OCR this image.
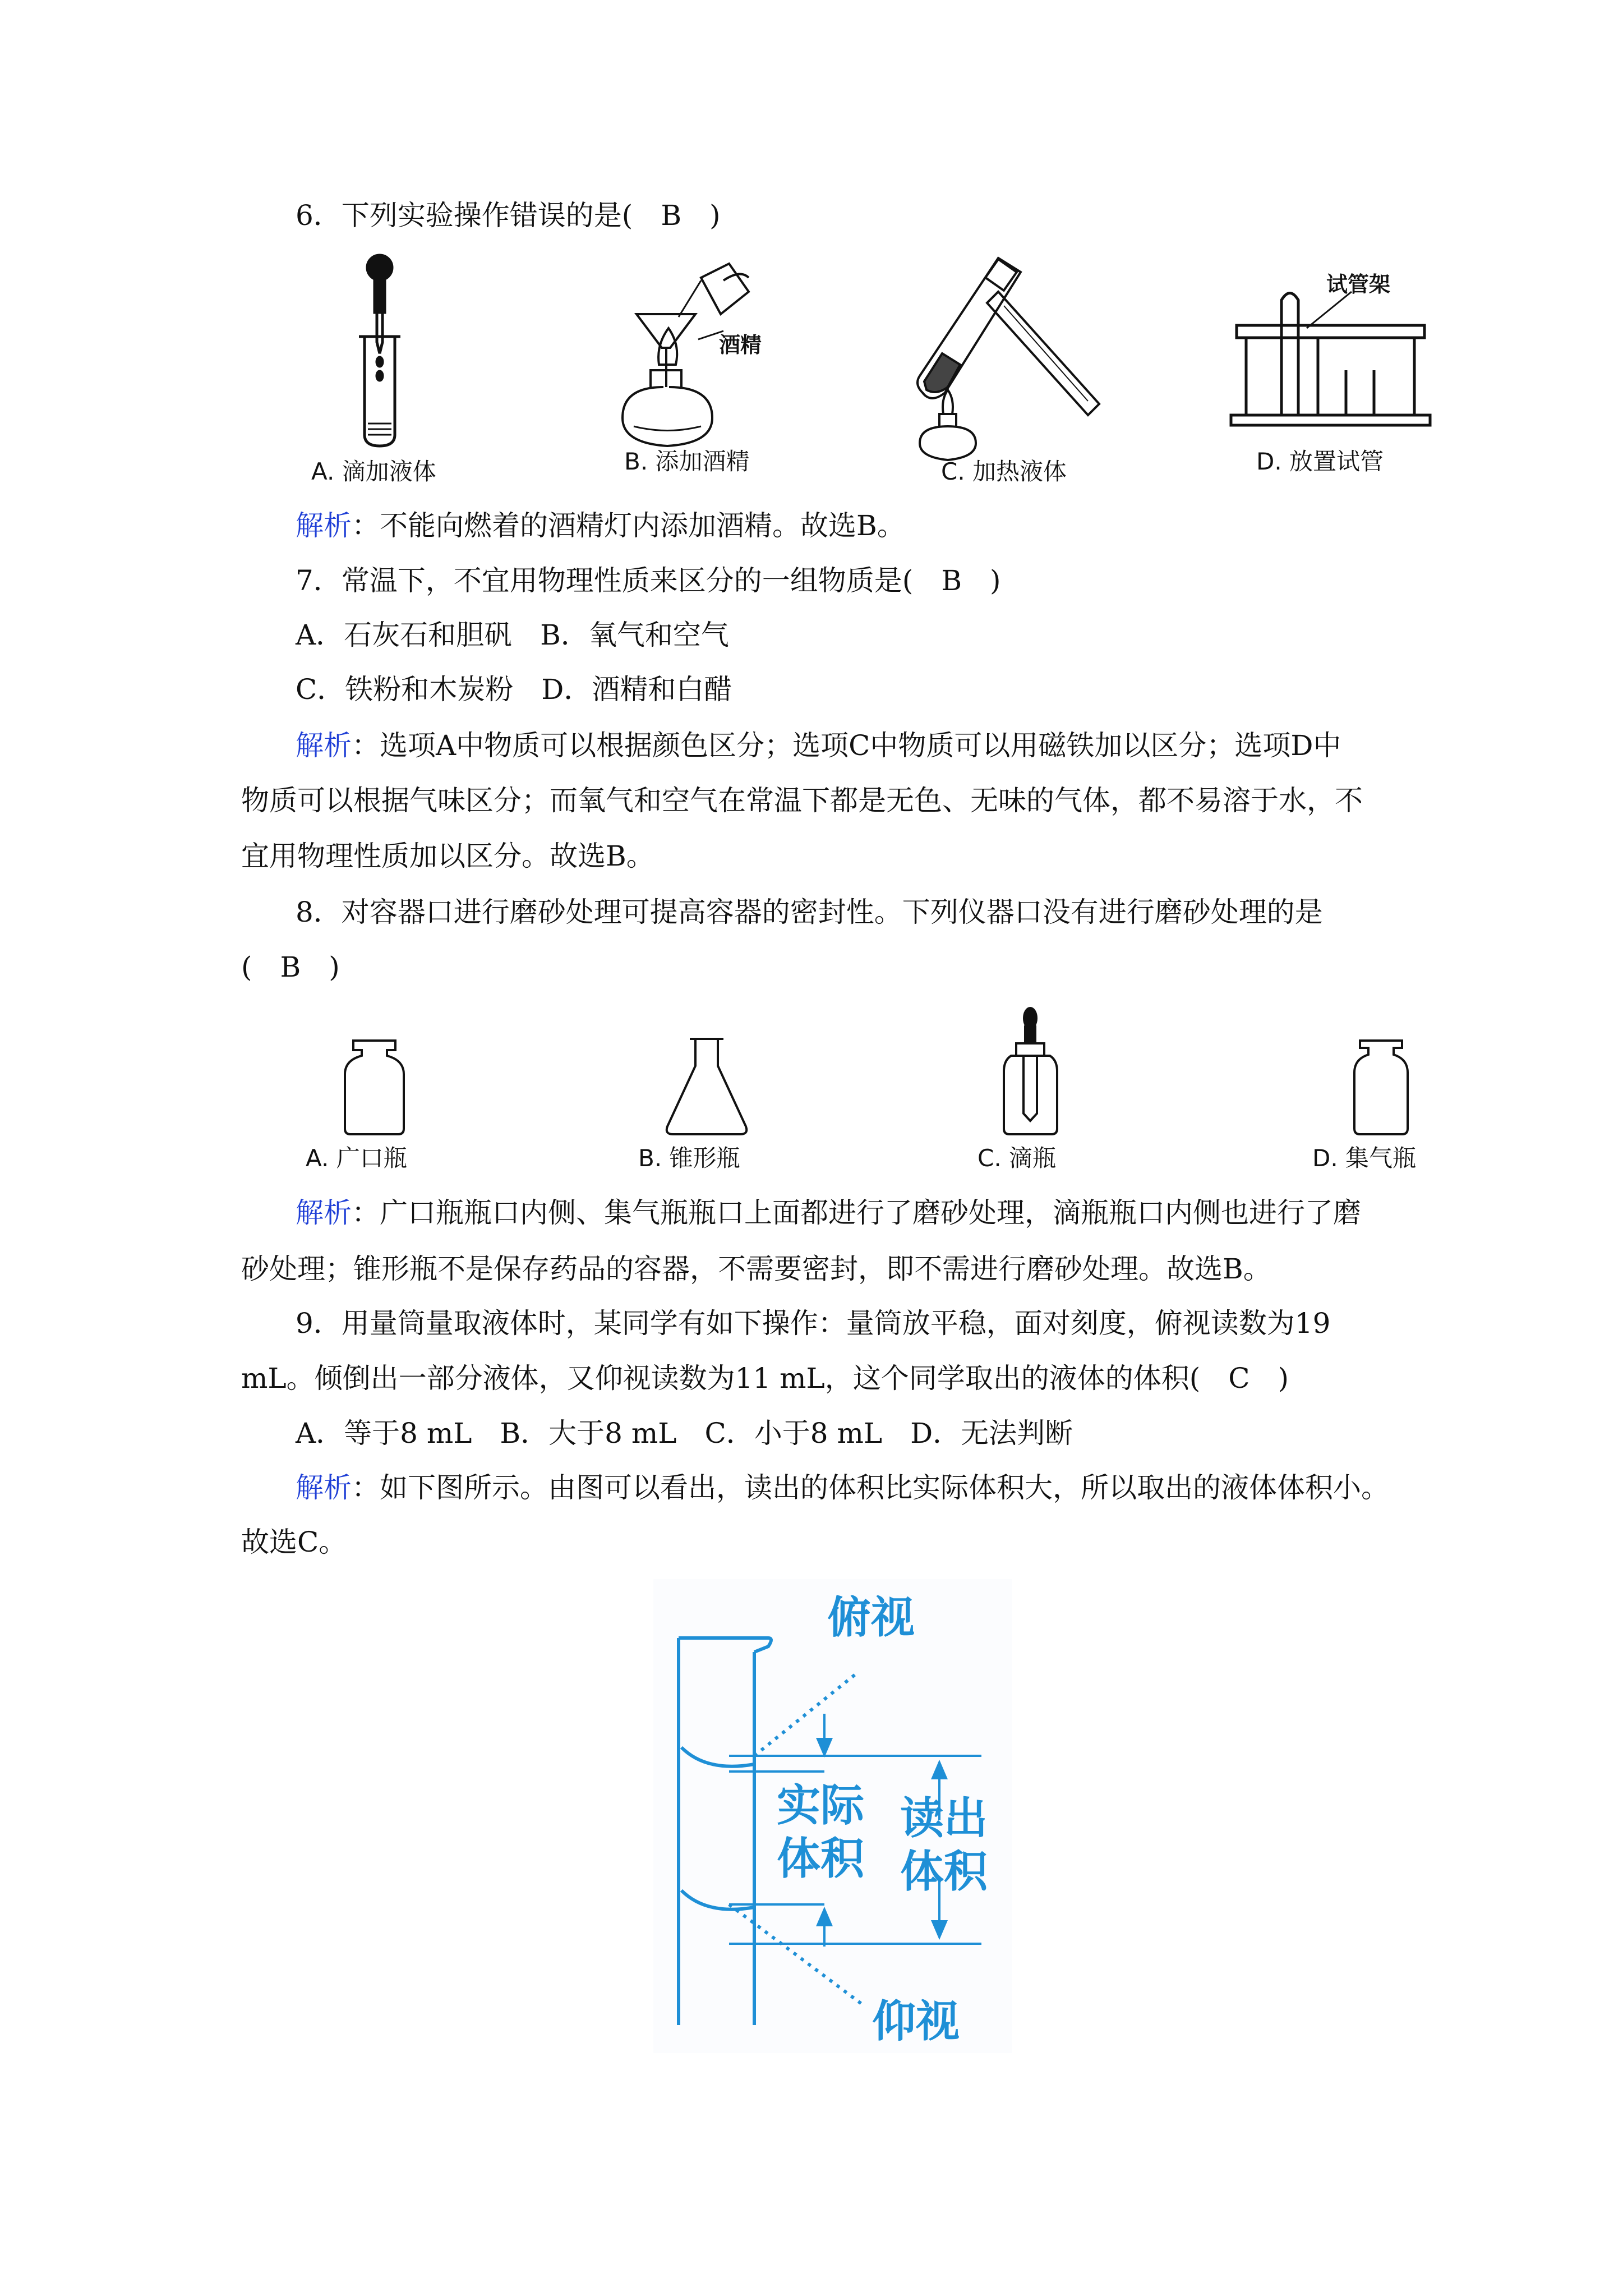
6．下列实验操作错误的是(　B　)
酒精
试管架
A. 滴加液体	B. 添加酒精	C. 加热液体	D. 放置试管
解析：不能向燃着的酒精灯内添加酒精。故选B。
7．常温下，不宜用物理性质来区分的一组物质是(　B　)
A．石灰石和胆矾　B．氧气和空气
C．铁粉和木炭粉　D．酒精和白醋
解析：选项A中物质可以根据颜色区分；选项C中物质可以用磁铁加以区分；选项D中
物质可以根据气味区分；而氧气和空气在常温下都是无色、无味的气体，都不易溶于水，不
宜用物理性质加以区分。故选B。
8．对容器口进行磨砂处理可提高容器的密封性。下列仪器口没有进行磨砂处理的是
(　B　)
A. 广口瓶	B. 锥形瓶	C. 滴瓶	D. 集气瓶
解析：广口瓶瓶口内侧、集气瓶瓶口上面都进行了磨砂处理，滴瓶瓶口内侧也进行了磨
砂处理；锥形瓶不是保存药品的容器，不需要密封，即不需进行磨砂处理。故选B。
9．用量筒量取液体时，某同学有如下操作：量筒放平稳，面对刻度，俯视读数为19
mL。倾倒出一部分液体，又仰视读数为11 mL，这个同学取出的液体的体积(　C　)
A．等于8 mL　B．大于8 mL　C．小于8 mL　D．无法判断
解析：如下图所示。由图可以看出，读出的体积比实际体积大，所以取出的液体体积小。
故选C。
俯视
实际
体积
读出
体积
仰视
